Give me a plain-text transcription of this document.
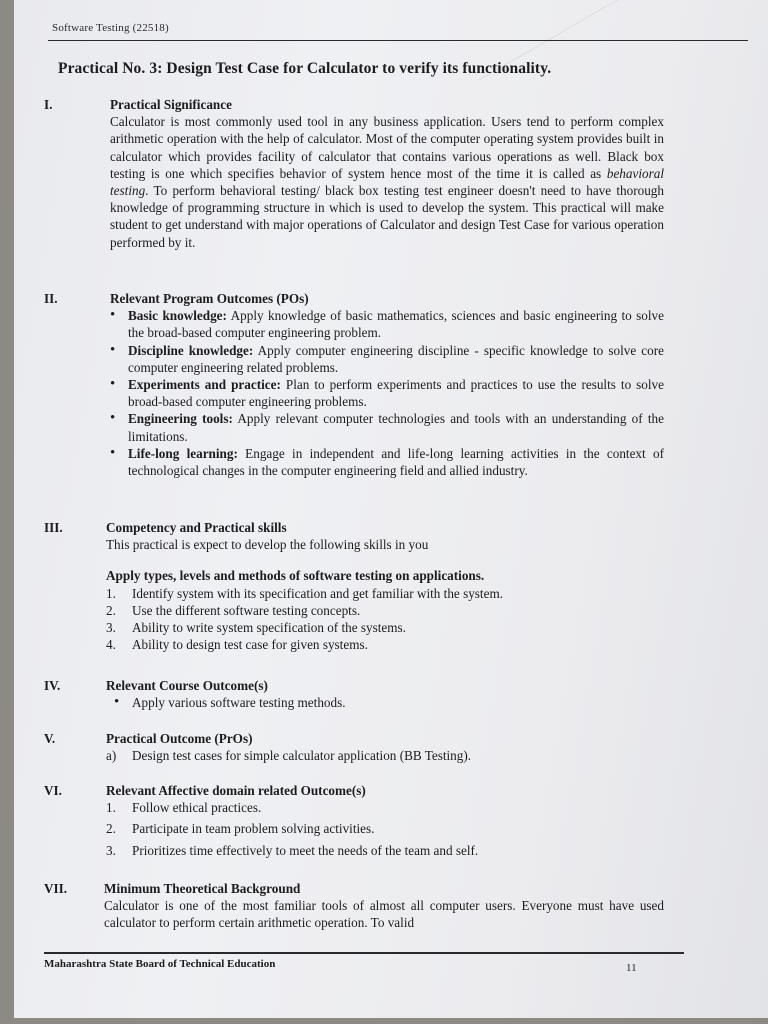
Software Testing (22518)
Practical No. 3: Design Test Case for Calculator to verify its functionality.
I.	Practical Significance

Calculator is most commonly used tool in any business application. Users tend to perform complex arithmetic operation with the help of calculator. Most of the computer operating system provides built in calculator which provides facility of calculator that contains various operations as well. Black box testing is one which specifies behavior of system hence most of the time it is called as behavioral testing. To perform behavioral testing/ black box testing test engineer doesn't need to have thorough knowledge of programming structure in which is used to develop the system. This practical will make student to get understand with major operations of Calculator and design Test Case for various operation performed by it.

II.	Relevant Program Outcomes (POs)
• Basic knowledge: Apply knowledge of basic mathematics, sciences and basic engineering to solve the broad-based computer engineering problem.
• Discipline knowledge: Apply computer engineering discipline - specific knowledge to solve core computer engineering related problems.
• Experiments and practice: Plan to perform experiments and practices to use the results to solve broad-based computer engineering problems.
• Engineering tools: Apply relevant computer technologies and tools with an understanding of the limitations.
• Life-long learning: Engage in independent and life-long learning activities in the context of technological changes in the computer engineering field and allied industry.
III.	Competency and Practical skills

This practical is expect to develop the following skills in you

Apply types, levels and methods of software testing on applications.
1. Identify system with its specification and get familiar with the system.
2. Use the different software testing concepts.
3. Ability to write system specification of the systems.
4. Ability to design test case for given systems.
IV.	Relevant Course Outcome(s)
• Apply various software testing methods.
V.	Practical Outcome (PrOs)
a) Design test cases for simple calculator application (BB Testing).
VI.	Relevant Affective domain related Outcome(s)
1. Follow ethical practices.
2. Participate in team problem solving activities.
3. Prioritizes time effectively to meet the needs of the team and self.
VII.	Minimum Theoretical Background

Calculator is one of the most familiar tools of almost all computer users. Everyone must have used calculator to perform certain arithmetic operation. To valid

Maharashtra State Board of Technical Education	11
